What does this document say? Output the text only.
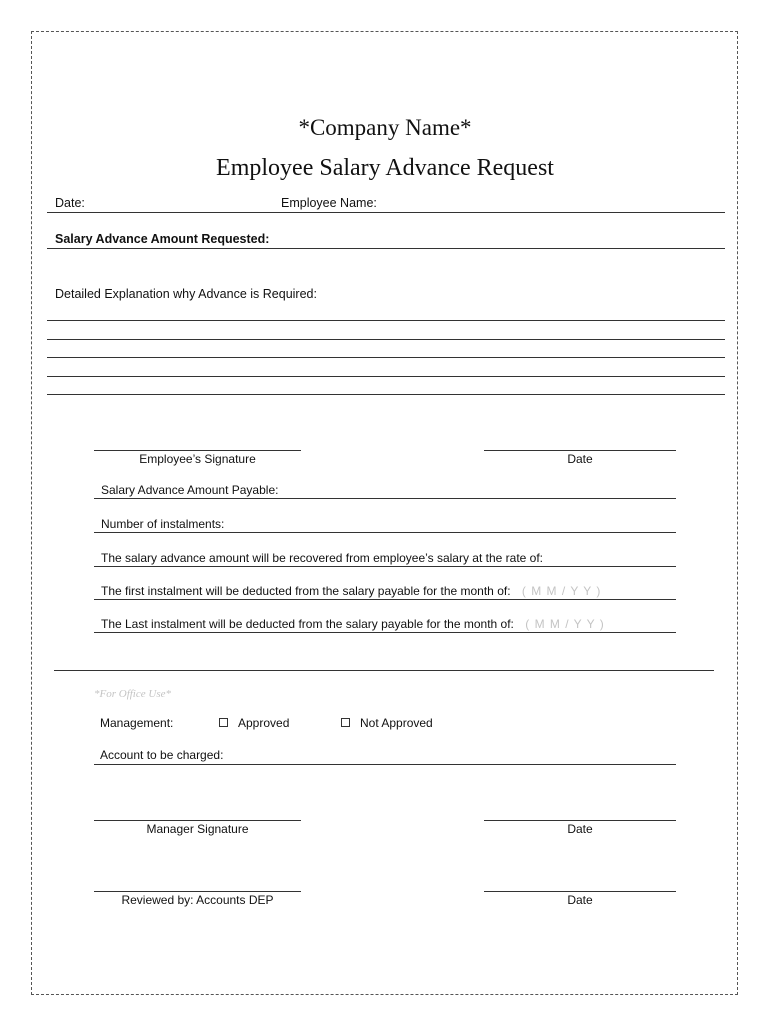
*Company Name*
Employee Salary Advance Request
Date:	Employee Name:
Salary Advance Amount Requested:
Detailed Explanation why Advance is Required:
Employee’s Signature	Date
Salary Advance Amount Payable:
Number of instalments:
The salary advance amount will be recovered from employee’s salary at the rate of:
The first instalment will be deducted from the salary payable for the month of: ( M M / Y Y )
The Last instalment will be deducted from the salary payable for the month of: ( M M / Y Y )
*For Office Use*
Management:	Approved	Not Approved
Account to be charged:
Manager Signature	Date
Reviewed by: Accounts DEP	Date
